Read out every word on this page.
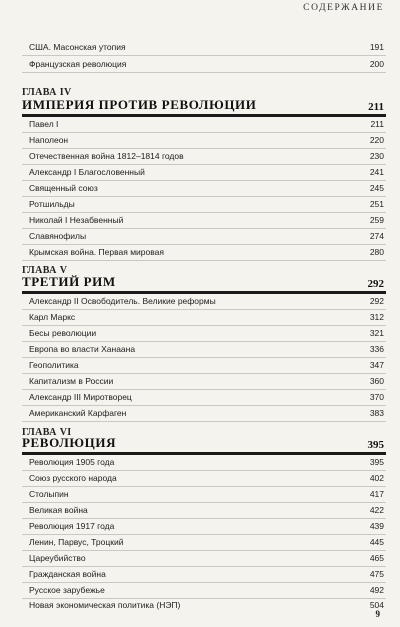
СОДЕРЖАНИЕ
США. Масонская утопия	191
Французская революция	200
ГЛАВА IV
ИМПЕРИЯ ПРОТИВ РЕВОЛЮЦИИ	211
Павел I	211
Наполеон	220
Отечественная война 1812–1814 годов	230
Александр I Благословенный	241
Священный союз	245
Ротшильды	251
Николай I Незабвенный	259
Славянофилы	274
Крымская война. Первая мировая	280
ГЛАВА V
ТРЕТИЙ РИМ	292
Александр II Освободитель. Великие реформы	292
Карл Маркс	312
Бесы революции	321
Европа во власти Ханаана	336
Геополитика	347
Капитализм в России	360
Александр III Миротворец	370
Американский Карфаген	383
ГЛАВА VI
РЕВОЛЮЦИЯ	395
Революция 1905 года	395
Союз русского народа	402
Столыпин	417
Великая война	422
Революция 1917 года	439
Ленин, Парвус, Троцкий	445
Цареубийство	465
Гражданская война	475
Русское зарубежье	492
Новая экономическая политика (НЭП)	504
9
